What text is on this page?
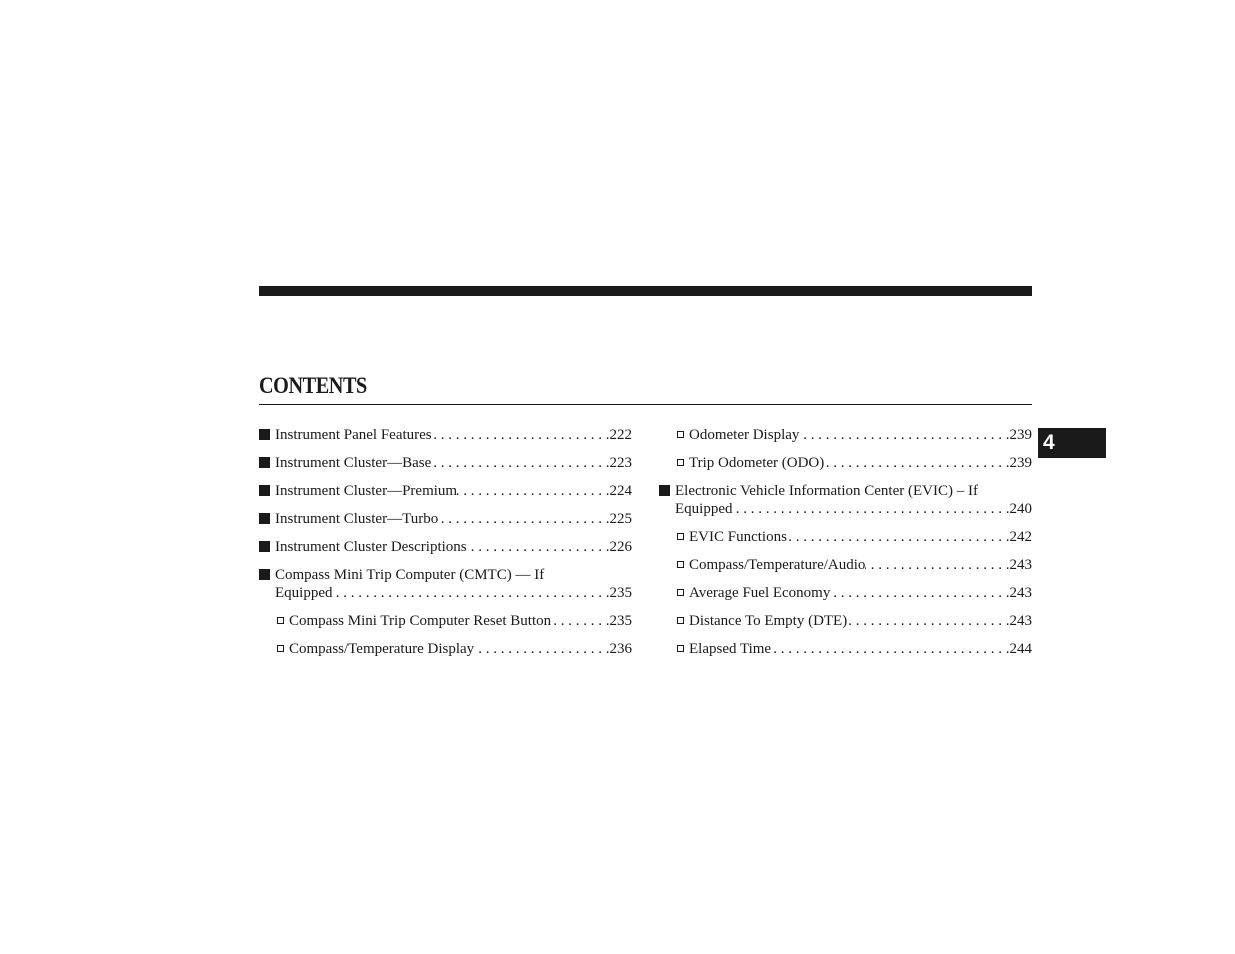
CONTENTS
4
Instrument Panel Features . . .	222
Instrument Cluster—Base . . .	223
Instrument Cluster—Premium . . .	224
Instrument Cluster—Turbo . . .	225
Instrument Cluster Descriptions . . .	226
Compass Mini Trip Computer (CMTC) — If
Equipped . . .	235
Compass Mini Trip Computer Reset Button . . .	235
Compass/Temperature Display . . .	236
Odometer Display . . .	239
Trip Odometer (ODO) . . .	239
Electronic Vehicle Information Center (EVIC) – If
Equipped . . .	240
EVIC Functions . . .	242
Compass/Temperature/Audio . . .	243
Average Fuel Economy . . .	243
Distance To Empty (DTE) . . .	243
Elapsed Time . . .	244
